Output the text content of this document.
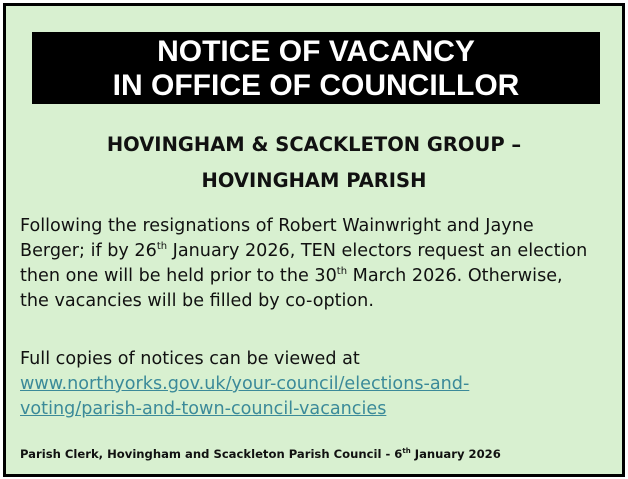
NOTICE OF VACANCY
IN OFFICE OF COUNCILLOR
HOVINGHAM & SCACKLETON GROUP –
HOVINGHAM PARISH
Following the resignations of Robert Wainwright and Jayne
Berger; if by 26th January 2026, TEN electors request an election
then one will be held prior to the 30th March 2026. Otherwise,
the vacancies will be filled by co-option.
Full copies of notices can be viewed at
www.northyorks.gov.uk/your-council/elections-and-
voting/parish-and-town-council-vacancies
Parish Clerk, Hovingham and Scackleton Parish Council - 6th January 2026
